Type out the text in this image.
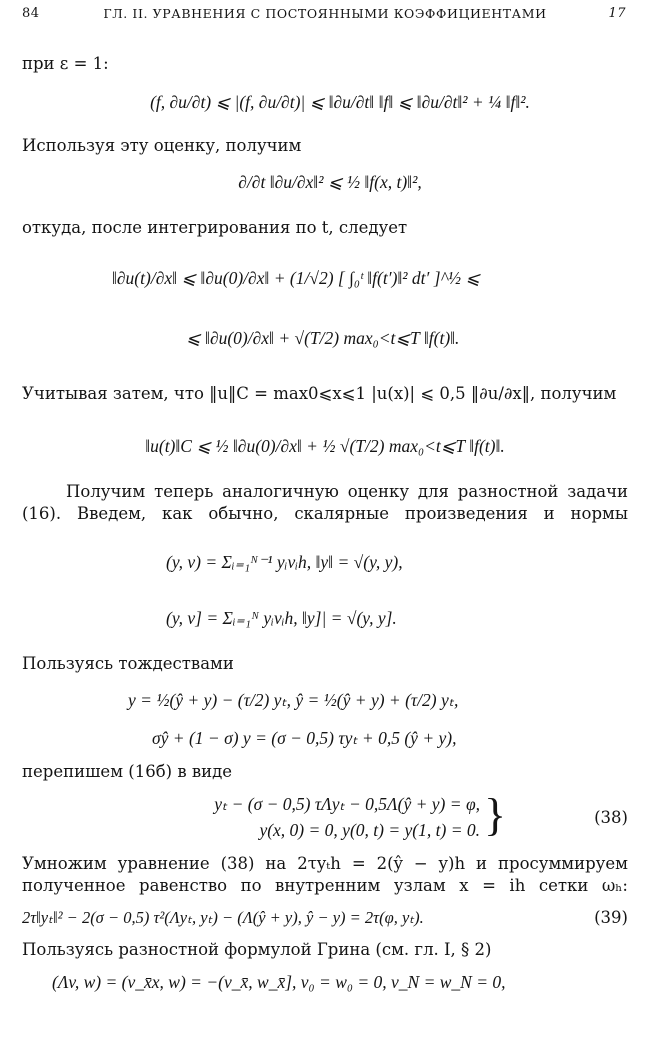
84	ГЛ. II. УРАВНЕНИЯ С ПОСТОЯННЫМИ КОЭФФИЦИЕНТАМИ	17
при ε = 1:
(f, ∂u/∂t) ⩽ |(f, ∂u/∂t)| ⩽ ‖∂u/∂t‖ ‖f‖ ⩽ ‖∂u/∂t‖² + ¼ ‖f‖².
Используя эту оценку, получим
∂/∂t ‖∂u/∂x‖² ⩽ ½ ‖f(x, t)‖²,
откуда, после интегрирования по t, следует
‖∂u(t)/∂x‖ ⩽ ‖∂u(0)/∂x‖ + (1/√2) [ ∫₀ᵗ ‖f(t′)‖² dt′ ]^½ ⩽
⩽ ‖∂u(0)/∂x‖ + √(T/2) max₀<t⩽T ‖f(t)‖.
Учитывая затем, что ‖u‖C = max0⩽x⩽1 |u(x)| ⩽ 0,5 ‖∂u/∂x‖, получим
‖u(t)‖C ⩽ ½ ‖∂u(0)/∂x‖ + ½ √(T/2) max₀<t⩽T ‖f(t)‖.
Получим теперь аналогичную оценку для разностной задачи
(16). Введем, как обычно, скалярные произведения и нормы
(y, v) = Σᵢ₌₁ᴺ⁻¹ yᵢvᵢh, ‖y‖ = √(y, y),
(y, v] = Σᵢ₌₁ᴺ yᵢvᵢh, ‖y]| = √(y, y].
Пользуясь тождествами
y = ½(ŷ + y) − (τ/2) yₜ, ŷ = ½(ŷ + y) + (τ/2) yₜ,
σŷ + (1 − σ) y = (σ − 0,5) τyₜ + 0,5 (ŷ + y),
перепишем (16б) в виде
yₜ − (σ − 0,5) τΛyₜ − 0,5Λ(ŷ + y) = φ,
y(x, 0) = 0, y(0, t) = y(1, t) = 0. }	(38)
Умножим уравнение (38) на 2τyₜh = 2(ŷ − y)h и просуммируем
полученное равенство по внутренним узлам x = ih сетки ωₕ:
2τ‖yₜ‖² − 2(σ − 0,5) τ²(Λyₜ, yₜ) − (Λ(ŷ + y), ŷ − y) = 2τ(φ, yₜ).	(39)
Пользуясь разностной формулой Грина (см. гл. I, § 2)
(Λv, w) = (v_x̄x, w) = −(v_x̄, w_x̄], v₀ = w₀ = 0, v_N = w_N = 0,
